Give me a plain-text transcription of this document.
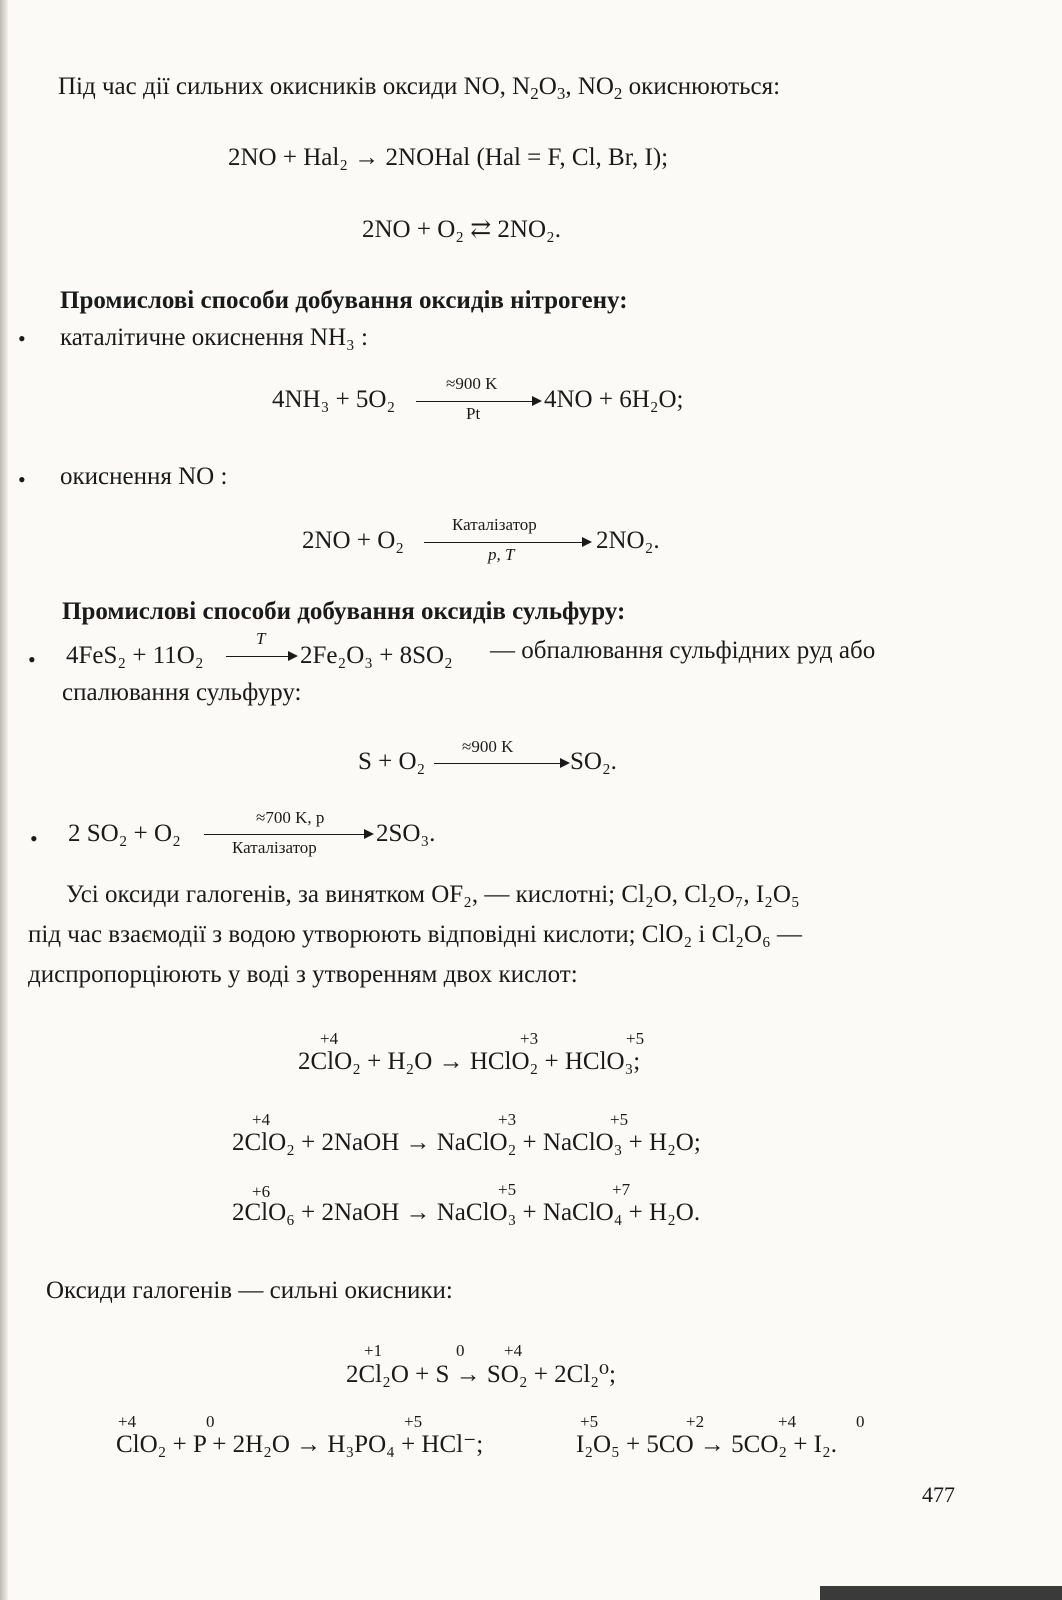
Під час дії сильних окисників оксиди NO, $N_2O_3$, $NO_2$ окиснюються:
2NO + Hal₂ → 2NOHal (Hal = F, Cl, Br, I);
2NO + O₂ ⇄ 2NO₂.
Промислові способи добування оксидів нітрогену:
• каталітичне окиснення NH₃ :
4NH₃ + 5O₂
≈900 K
Pt
4NO + 6H₂O;
• окиснення NO :
2NO + O₂
Каталізатор
p, T
2NO₂.
Промислові способи добування оксидів сульфуру:
• 4FeS₂ + 11O₂
T
2Fe₂O₃ + 8SO₂ — обпалювання сульфідних руд або
спалювання сульфуру:
S + O₂
≈900 K
SO₂.
• 2 SO₂ + O₂
≈700 K, p
Каталізатор
2SO₃.
Усі оксиди галогенів, за винятком OF₂, — кислотні; Cl₂O, Cl₂O₇, I₂O₅
під час взаємодії з водою утворюють відповідні кислоти; ClO₂ і Cl₂O₆ —
диспропорціюють у воді з утворенням двох кислот:
+4	+3	+5
2ClO₂ + H₂O → HClO₂ + HClO₃;
+4	+3	+5
2ClO₂ + 2NaOH → NaClO₂ + NaClO₃ + H₂O;
+6	+5	+7
2ClO₆ + 2NaOH → NaClO₃ + NaClO₄ + H₂O.
Оксиди галогенів — сильні окисники:
+1	0 +4
2Cl₂O + S → SO₂ + 2Cl₂⁰;
+4	0	+5
ClO₂ + P + 2H₂O → H₃PO₄ + HCl⁻;
+5	+2	+4	0
I₂O₅ + 5CO → 5CO₂ + I₂.
477
